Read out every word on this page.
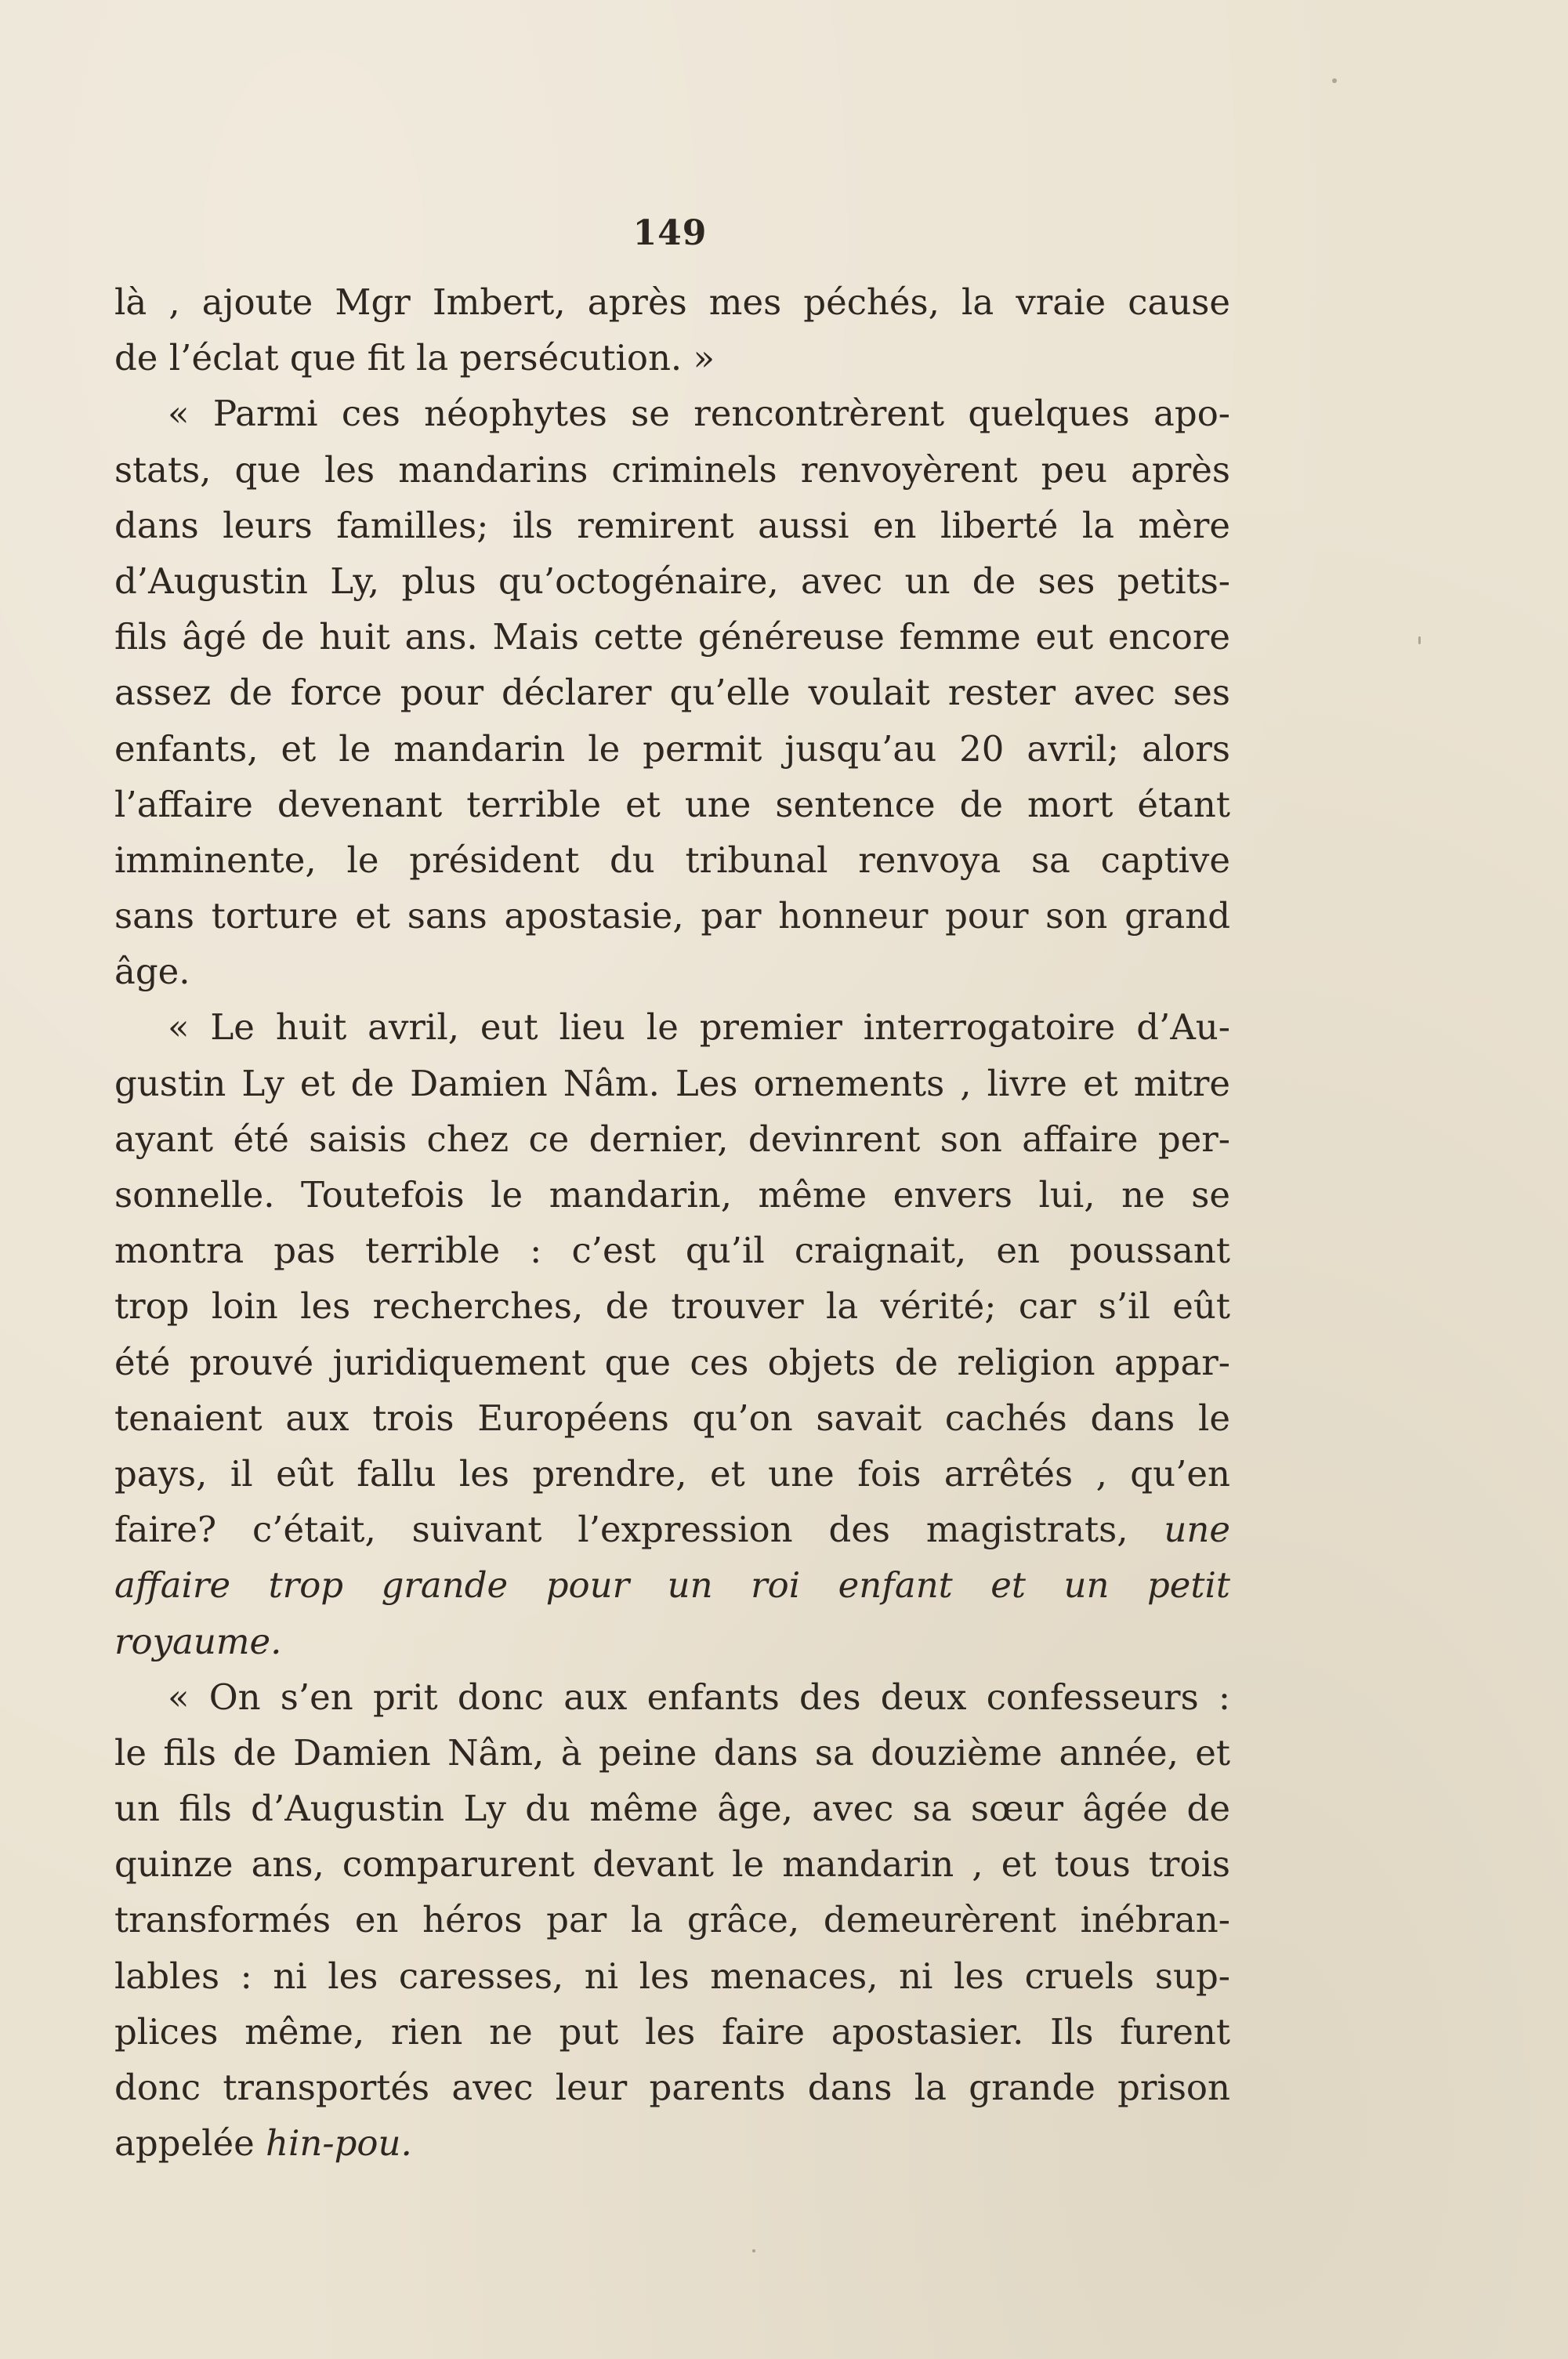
149
là , ajoute Mgr Imbert, après mes péchés, la vraie cause
de l’éclat que fit la persécution. »
« Parmi ces néophytes se rencontrèrent quelques apo-
stats, que les mandarins criminels renvoyèrent peu après
dans leurs familles; ils remirent aussi en liberté la mère
d’Augustin Ly, plus qu’octogénaire, avec un de ses petits-
fils âgé de huit ans. Mais cette généreuse femme eut encore
assez de force pour déclarer qu’elle voulait rester avec ses
enfants, et le mandarin le permit jusqu’au 20 avril; alors
l’affaire devenant terrible et une sentence de mort étant
imminente, le président du tribunal renvoya sa captive
sans torture et sans apostasie, par honneur pour son grand
âge.
« Le huit avril, eut lieu le premier interrogatoire d’Au-
gustin Ly et de Damien Nâm. Les ornements , livre et mitre
ayant été saisis chez ce dernier, devinrent son affaire per-
sonnelle. Toutefois le mandarin, même envers lui, ne se
montra pas terrible : c’est qu’il craignait, en poussant
trop loin les recherches, de trouver la vérité; car s’il eût
été prouvé juridiquement que ces objets de religion appar-
tenaient aux trois Européens qu’on savait cachés dans le
pays, il eût fallu les prendre, et une fois arrêtés , qu’en
faire? c’était, suivant l’expression des magistrats, une
affaire trop grande pour un roi enfant et un petit
royaume.
« On s’en prit donc aux enfants des deux confesseurs :
le fils de Damien Nâm, à peine dans sa douzième année, et
un fils d’Augustin Ly du même âge, avec sa sœur âgée de
quinze ans, comparurent devant le mandarin , et tous trois
transformés en héros par la grâce, demeurèrent inébran-
lables : ni les caresses, ni les menaces, ni les cruels sup-
plices même, rien ne put les faire apostasier. Ils furent
donc transportés avec leur parents dans la grande prison
appelée hin-pou.
